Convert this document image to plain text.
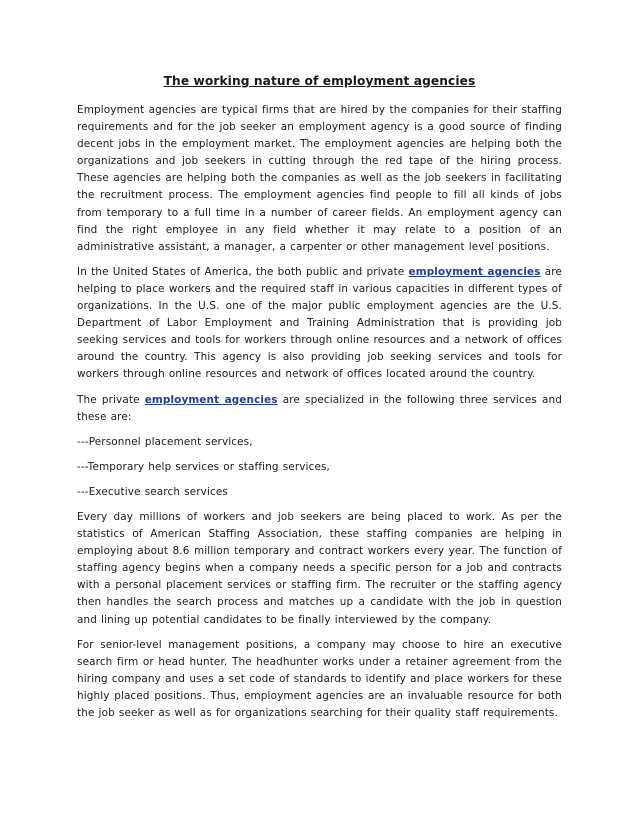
The working nature of employment agencies

Employment agencies are typical firms that are hired by the companies for their staffing requirements and for the job seeker an employment agency is a good source of finding decent jobs in the employment market. The employment agencies are helping both the organizations and job seekers in cutting through the red tape of the hiring process. These agencies are helping both the companies as well as the job seekers in facilitating the recruitment process. The employment agencies find people to fill all kinds of jobs from temporary to a full time in a number of career fields. An employment agency can find the right employee in any field whether it may relate to a position of an administrative assistant, a manager, a carpenter or other management level positions.

In the United States of America, the both public and private employment agencies are helping to place workers and the required staff in various capacities in different types of organizations. In the U.S. one of the major public employment agencies are the U.S. Department of Labor Employment and Training Administration that is providing job seeking services and tools for workers through online resources and a network of offices around the country. This agency is also providing job seeking services and tools for workers through online resources and network of offices located around the country.

The private employment agencies are specialized in the following three services and these are:

---Personnel placement services,

---Temporary help services or staffing services,

---Executive search services

Every day millions of workers and job seekers are being placed to work. As per the statistics of American Staffing Association, these staffing companies are helping in employing about 8.6 million temporary and contract workers every year. The function of staffing agency begins when a company needs a specific person for a job and contracts with a personal placement services or staffing firm. The recruiter or the staffing agency then handles the search process and matches up a candidate with the job in question and lining up potential candidates to be finally interviewed by the company.

For senior-level management positions, a company may choose to hire an executive search firm or head hunter. The headhunter works under a retainer agreement from the hiring company and uses a set code of standards to identify and place workers for these highly placed positions. Thus, employment agencies are an invaluable resource for both the job seeker as well as for organizations searching for their quality staff requirements.
